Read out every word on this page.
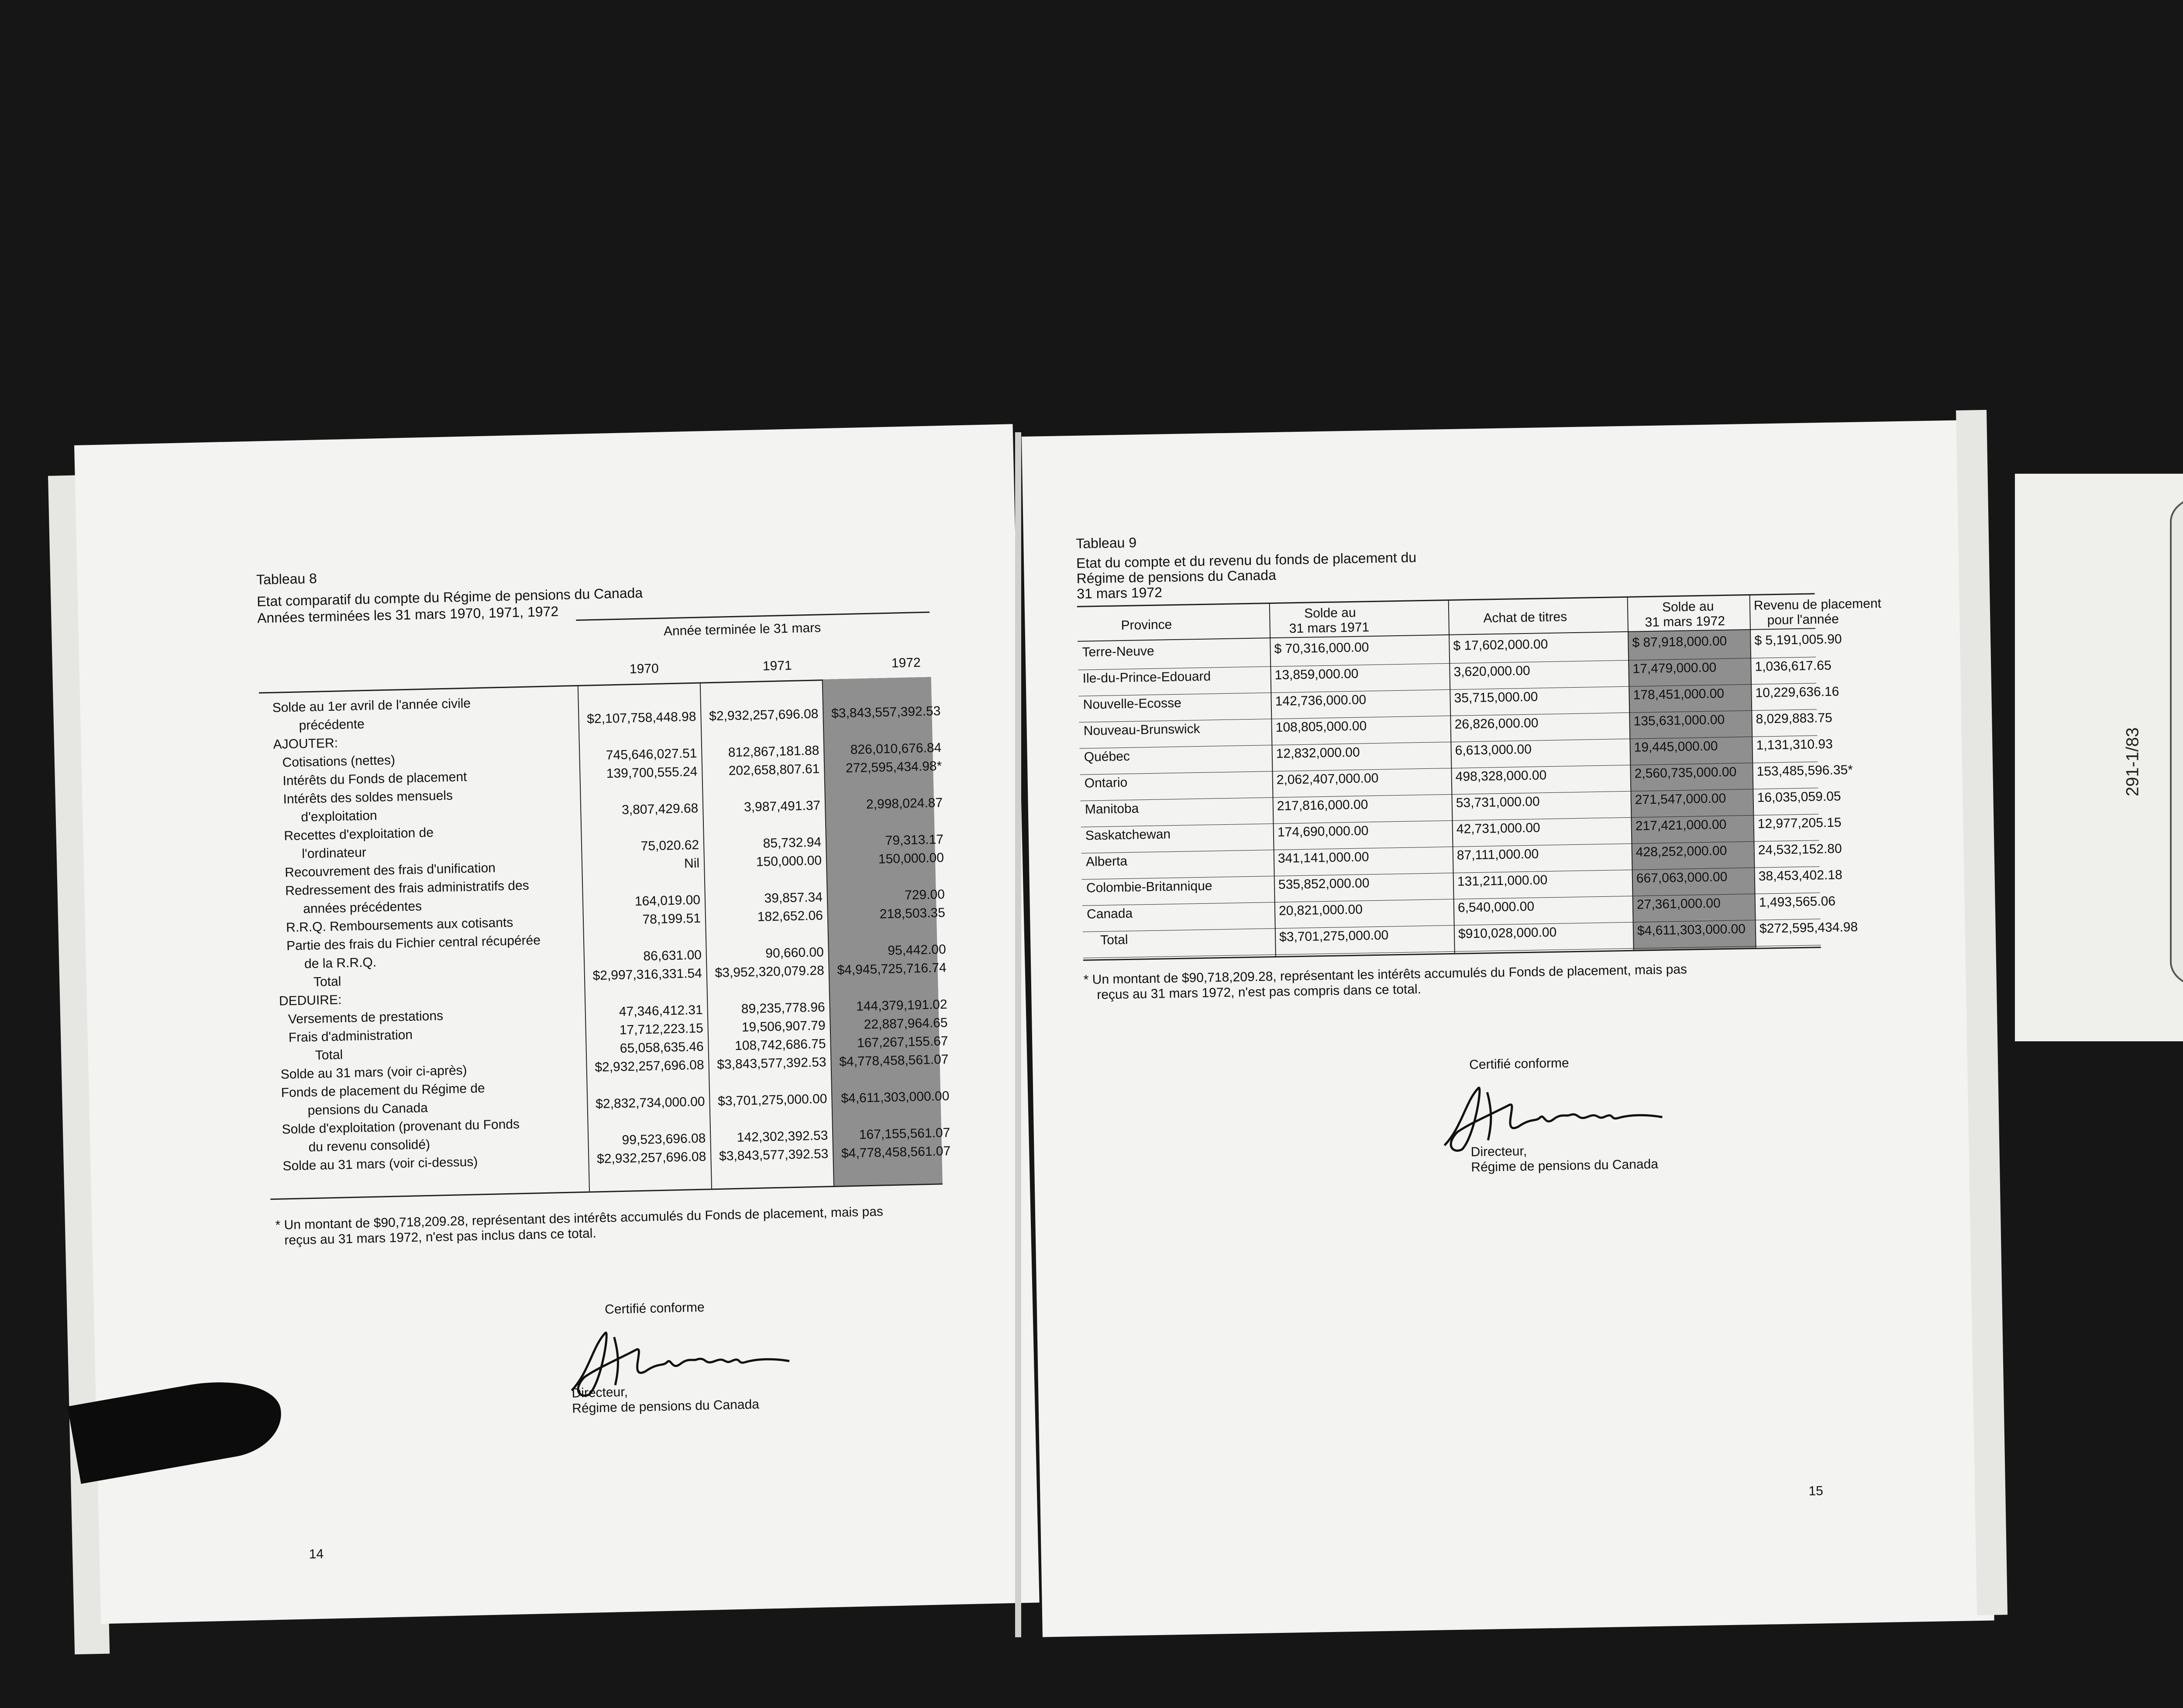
Tableau 8
Etat comparatif du compte du Régime de pensions du Canada
Années terminées les 31 mars 1970, 1971, 1972
Année terminée le 31 mars
1970	1971	1972
Solde au 1er avril de l'année civile
précédente	$2,107,758,448.98 $2,932,257,696.08 $3,843,557,392.53
AJOUTER:
Cotisations (nettes)	745,646,027.51	812,867,181.88	826,010,676.84
Intérêts du Fonds de placement	139,700,555.24	202,658,807.61	272,595,434.98*
Intérêts des soldes mensuels
d'exploitation	3,807,429.68	3,987,491.37	2,998,024.87
Recettes d'exploitation de
l'ordinateur	75,020.62	85,732.94	79,313.17
Recouvrement des frais d'unification	Nil	150,000.00	150,000.00
Redressement des frais administratifs des
années précédentes	164,019.00	39,857.34	729.00
R.R.Q. Remboursements aux cotisants	78,199.51	182,652.06	218,503.35
Partie des frais du Fichier central récupérée
de la R.R.Q.	86,631.00	90,660.00	95,442.00
Total	$2,997,316,331.54 $3,952,320,079.28 $4,945,725,716.74
DEDUIRE:
Versements de prestations	47,346,412.31	89,235,778.96	144,379,191.02
Frais d'administration	17,712,223.15	19,506,907.79	22,887,964.65
Total	65,058,635.46	108,742,686.75	167,267,155.67
Solde au 31 mars (voir ci-après)	$2,932,257,696.08 $3,843,577,392.53 $4,778,458,561.07
Fonds de placement du Régime de
pensions du Canada	$2,832,734,000.00 $3,701,275,000.00	$4,611,303,000.00
Solde d'exploitation (provenant du Fonds
du revenu consolidé)	99,523,696.08	142,302,392.53	167,155,561.07
Solde au 31 mars (voir ci-dessus)	$2,932,257,696.08 $3,843,577,392.53 $4,778,458,561.07
* Un montant de $90,718,209.28, représentant des intérêts accumulés du Fonds de placement, mais pas
reçus au 31 mars 1972, n'est pas inclus dans ce total.
Certifié conforme
Directeur,
Régime de pensions du Canada
14
Tableau 9
Etat du compte et du revenu du fonds de placement du
Régime de pensions du Canada
31 mars 1972
Province
Solde au
31 mars 1971
Achat de titres
Solde au
31 mars 1972
Revenu de placement
pour l'année
Terre-Neuve	$ 70,316,000.00	$ 17,602,000.00	$ 87,918,000.00 $ 5,191,005.90
Ile-du-Prince-Edouard	13,859,000.00	3,620,000.00	17,479,000.00	1,036,617.65
Nouvelle-Ecosse	142,736,000.00	35,715,000.00	178,451,000.00 10,229,636.16
Nouveau-Brunswick	108,805,000.00	26,826,000.00	135,631,000.00 8,029,883.75
Québec	12,832,000.00	6,613,000.00	19,445,000.00	1,131,310.93
Ontario	2,062,407,000.00	498,328,000.00	2,560,735,000.00 153,485,596.35*
Manitoba	217,816,000.00	53,731,000.00	271,547,000.00 16,035,059.05
Saskatchewan	174,690,000.00	42,731,000.00	217,421,000.00 12,977,205.15
Alberta	341,141,000.00	87,111,000.00	428,252,000.00 24,532,152.80
Colombie-Britannique	535,852,000.00	131,211,000.00	667,063,000.00 38,453,402.18
Canada	20,821,000.00	6,540,000.00	27,361,000.00	1,493,565.06
Total	$3,701,275,000.00	$910,028,000.00	$4,611,303,000.00 $272,595,434.98
* Un montant de $90,718,209.28, représentant les intérêts accumulés du Fonds de placement, mais pas
reçus au 31 mars 1972, n'est pas compris dans ce total.
Certifié conforme
Directeur,
Régime de pensions du Canada
15
291-1/83
